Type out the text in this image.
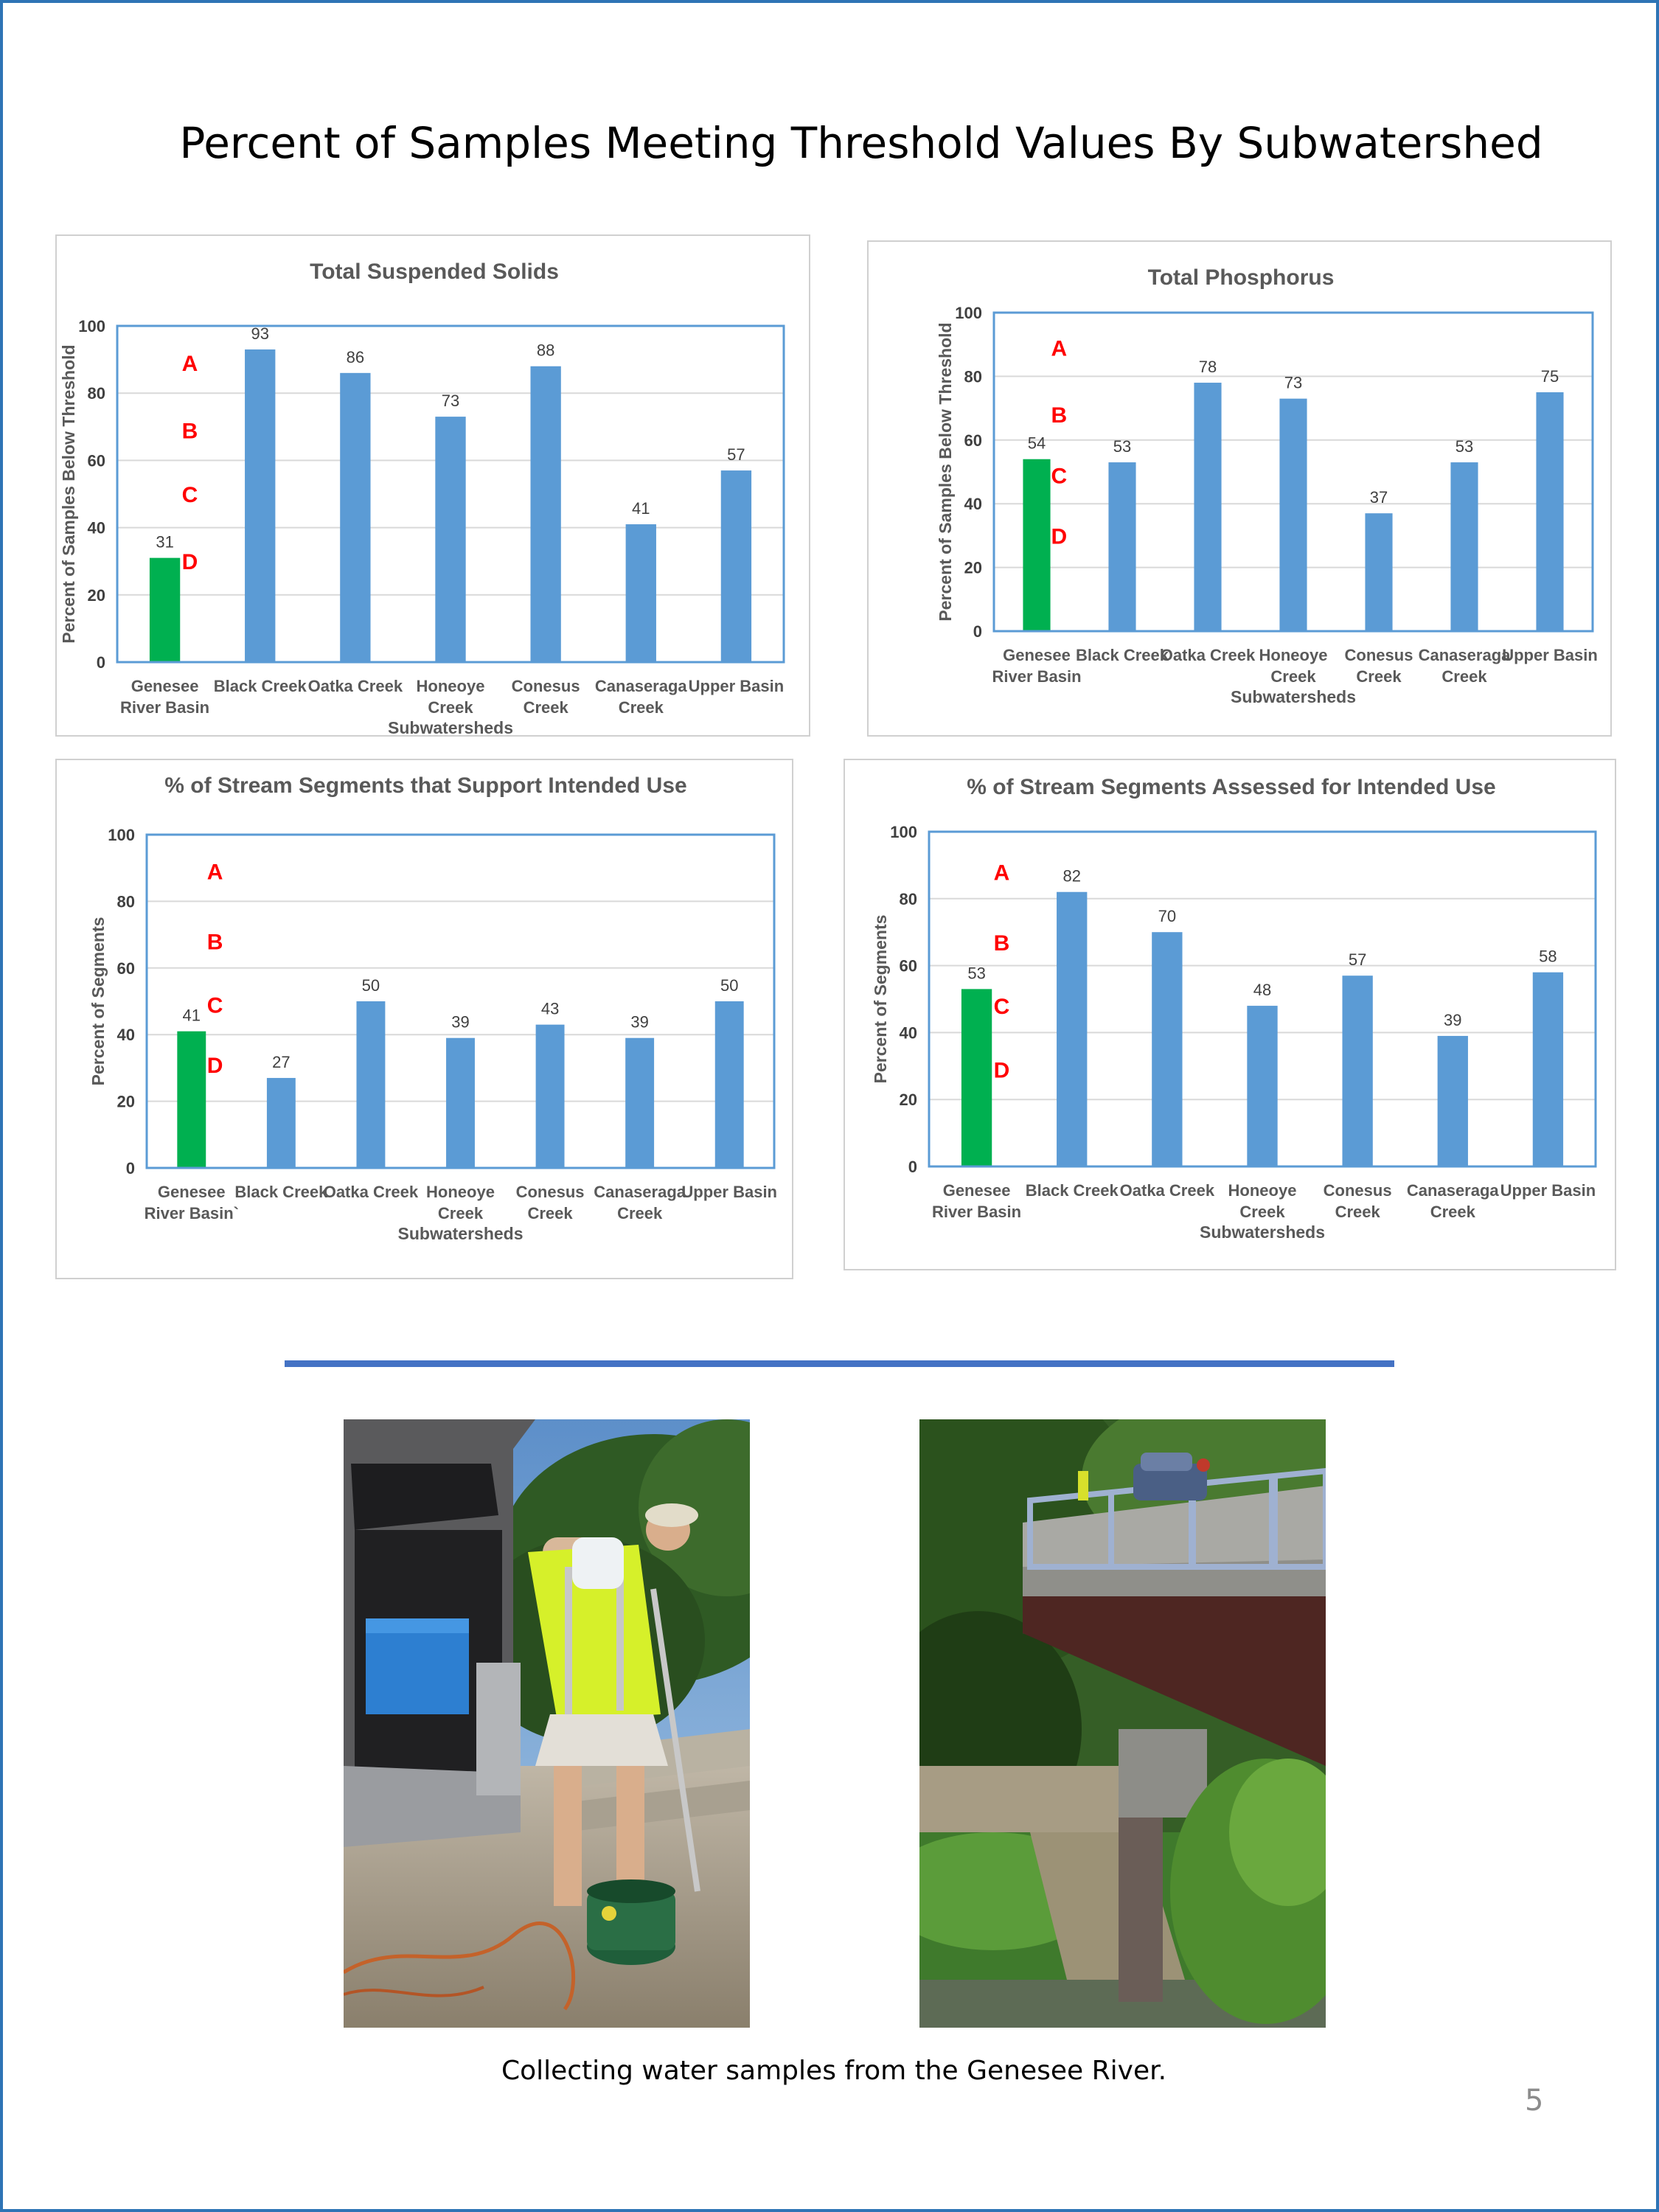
Percent of Samples Meeting Threshold Values By Subwatershed
Total Suspended Solids
0
20
40
60
80
100
31
Genesee
River Basin
93
Black Creek
86
Oatka Creek
73
Honeoye
Creek
88
Conesus
Creek
41
Canaseraga
Creek
57
Upper Basin
A
B
C
D
Subwatersheds
Percent of Samples Below Threshold
Total Phosphorus
0
20
40
60
80
100
54
Genesee
River Basin
53
Black Creek
78
Oatka Creek
73
Honeoye
Creek
37
Conesus
Creek
53
Canaseraga
Creek
75
Upper Basin
A
B
C
D
Subwatersheds
Percent of Samples Below Threshold
% of Stream Segments that Support Intended Use
0
20
40
60
80
100
41
Genesee
River Basin`
27
Black Creek
50
Oatka Creek
39
Honeoye
Creek
43
Conesus
Creek
39
Canaseraga
Creek
50
Upper Basin
A
B
C
D
Subwatersheds
Percent of Segments
% of Stream Segments Assessed for Intended Use
0
20
40
60
80
100
53
Genesee
River Basin
82
Black Creek
70
Oatka Creek
48
Honeoye
Creek
57
Conesus
Creek
39
Canaseraga
Creek
58
Upper Basin
A
B
C
D
Subwatersheds
Percent of Segments
Collecting water samples from the Genesee River.
5
